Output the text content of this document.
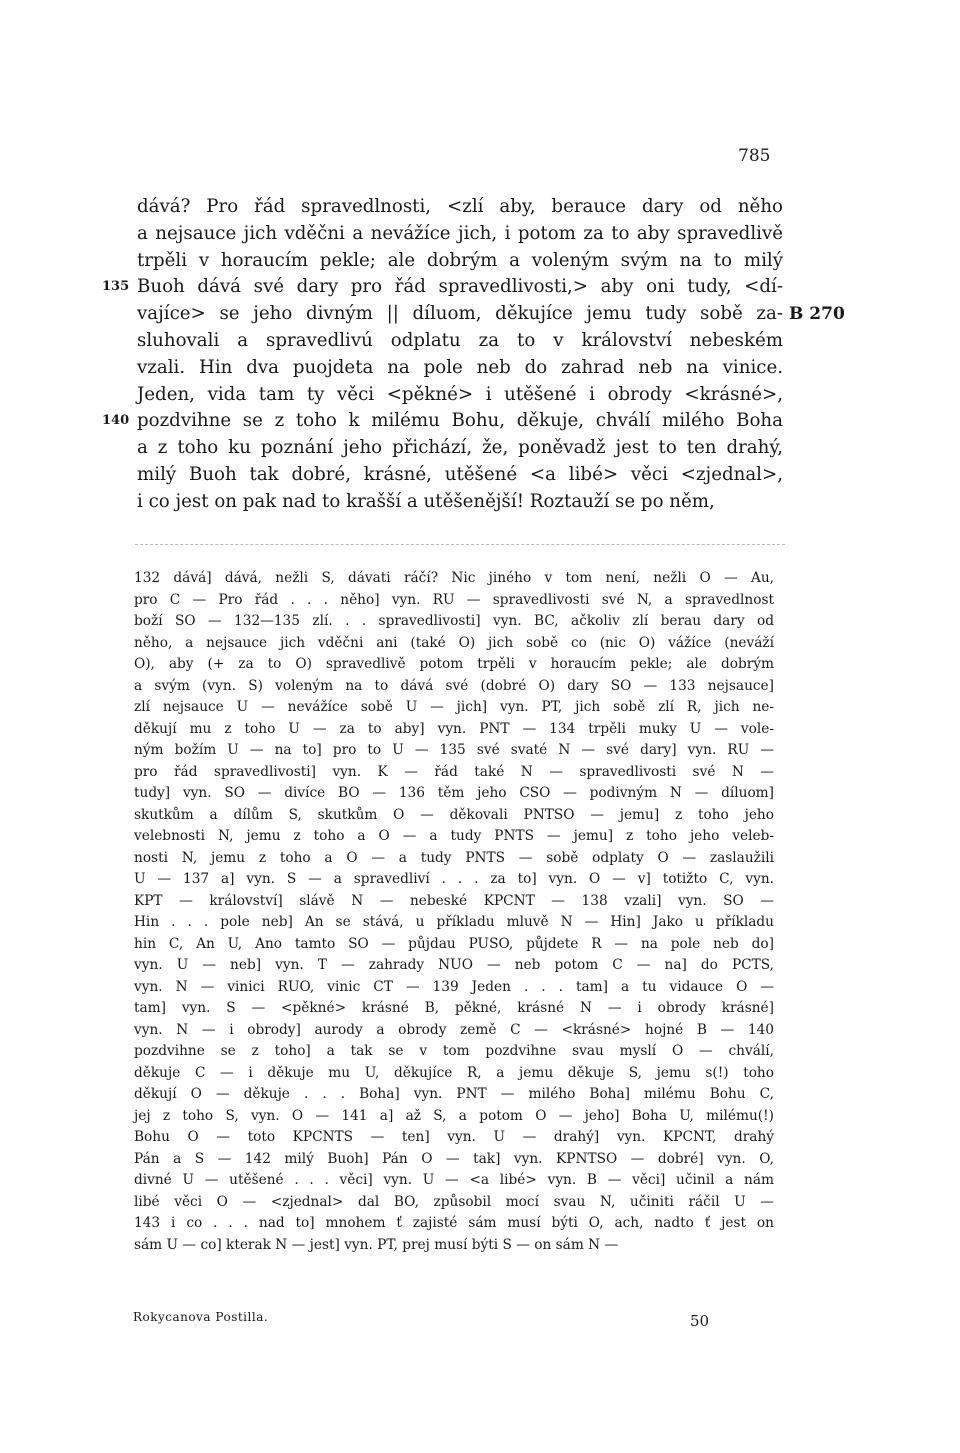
785
dává? Pro řád spravedlnosti, <zlí aby, berauce dary od něho
a nejsauce jich vděčni a nevážíce jich, i potom za to aby spravedlivě
trpěli v horaucím pekle; ale dobrým a voleným svým na to milý
Buoh dává své dary pro řád spravedlivosti,> aby oni tudy, <dí-
135
vajíce> se jeho divným || díluom, děkujíce jemu tudy sobě za- B 270
sluhovali a spravedlivú odplatu za to v království nebeském
vzali. Hin dva puojdeta na pole neb do zahrad neb na vinice.
Jeden, vida tam ty věci <pěkné> i utěšené i obrody <krásné>,
pozdvihne se z toho k milému Bohu, děkuje, chválí milého Boha
140
a z toho ku poznání jeho přichází, že, poněvadž jest to ten drahý,
milý Buoh tak dobré, krásné, utěšené <a libé> věci <zjednal>,
i co jest on pak nad to krašší a utěšenější! Roztauží se po něm,
132 dává] dává, nežli S, dávati ráčí? Nic jiného v tom není, nežli O — Au,
pro C — Pro řád . . . něho] vyn. RU — spravedlivosti své N, a spravedlnost
boží SO — 132—135 zlí. . . spravedlivosti] vyn. BC, ačkoliv zlí berau dary od
něho, a nejsauce jich vděčni ani (také O) jich sobě co (nic O) vážíce (neváží
O), aby (+ za to O) spravedlivě potom trpěli v horaucím pekle; ale dobrým
a svým (vyn. S) voleným na to dává své (dobré O) dary SO — 133 nejsauce]
zlí nejsauce U — nevážíce sobě U — jich] vyn. PT, jich sobě zlí R, jich ne-
děkují mu z toho U — za to aby] vyn. PNT — 134 trpěli muky U — vole-
ným božím U — na to] pro to U — 135 své svaté N — své dary] vyn. RU —
pro řád spravedlivosti] vyn. K — řád také N — spravedlivosti své N —
tudy] vyn. SO — divíce BO — 136 těm jeho CSO — podivným N — díluom]
skutkům a dílům S, skutkům O — děkovali PNTSO — jemu] z toho jeho
velebnosti N, jemu z toho a O — a tudy PNTS — jemu] z toho jeho veleb-
nosti N, jemu z toho a O — a tudy PNTS — sobě odplaty O — zaslaužili
U — 137 a] vyn. S — a spravedliví . . . za to] vyn. O — v] totižto C, vyn.
KPT — království] slávě N — nebeské KPCNT — 138 vzali] vyn. SO —
Hin . . . pole neb] An se stává, u příkladu mluvě N — Hin] Jako u příkladu
hin C, An U, Ano tamto SO — půjdau PUSO, půjdete R — na pole neb do]
vyn. U — neb] vyn. T — zahrady NUO — neb potom C — na] do PCTS,
vyn. N — vinici RUO, vinic CT — 139 Jeden . . . tam] a tu vidauce O —
tam] vyn. S — <pěkné> krásné B, pěkné, krásné N — i obrody krásné]
vyn. N — i obrody] aurody a obrody země C — <krásné> hojné B — 140
pozdvihne se z toho] a tak se v tom pozdvihne svau myslí O — chválí,
děkuje C — i děkuje mu U, děkujíce R, a jemu děkuje S, jemu s(!) toho
děkují O — děkuje . . . Boha] vyn. PNT — milého Boha] milému Bohu C,
jej z toho S, vyn. O — 141 a] až S, a potom O — jeho] Boha U, milému(!)
Bohu O — toto KPCNTS — ten] vyn. U — drahý] vyn. KPCNT, drahý
Pán a S — 142 milý Buoh] Pán O — tak] vyn. KPNTSO — dobré] vyn. O,
divné U — utěšené . . . věci] vyn. U — <a libé> vyn. B — věci] učinil a nám
libé věci O — <zjednal> dal BO, způsobil mocí svau N, učiniti ráčil U —
143 i co . . . nad to] mnohem ť zajisté sám musí býti O, ach, nadto ť jest on
sám U — co] kterak N — jest] vyn. PT, prej musí býti S — on sám N —
Rokycanova Postilla.	50
